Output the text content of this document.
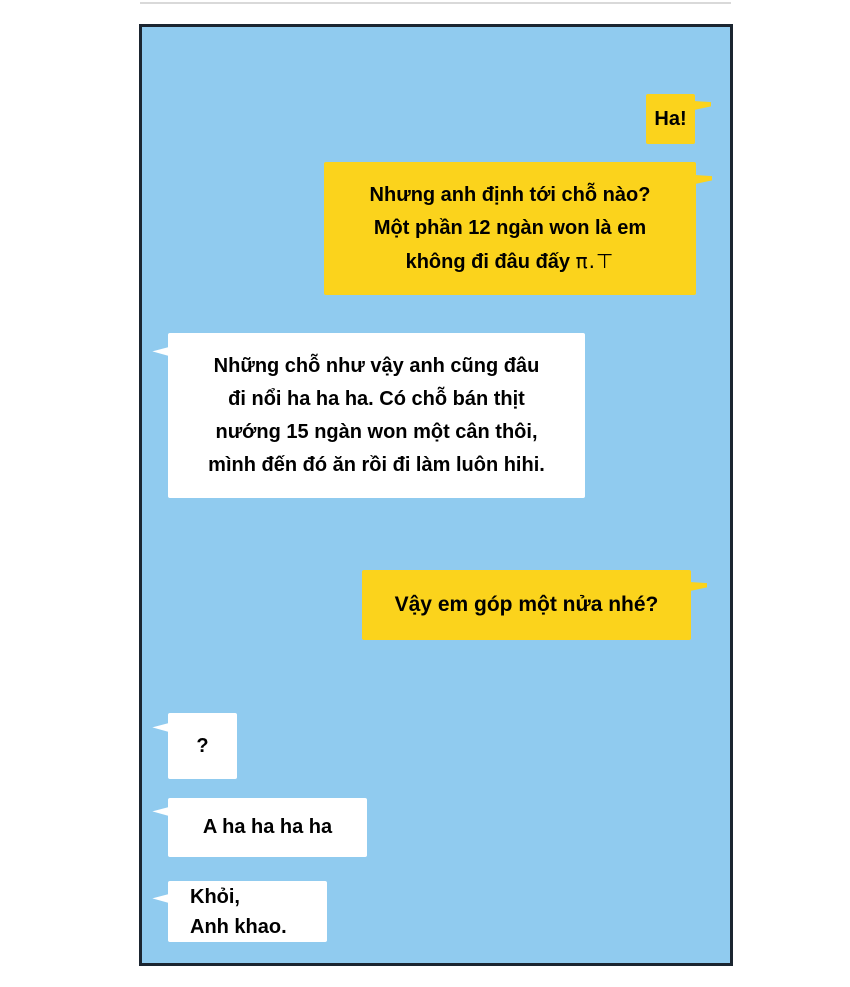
Ha!
Nhưng anh định tới chỗ nào?
Một phần 12 ngàn won là em
không đi đâu đấy π.⊤
Những chỗ như vậy anh cũng đâu
đi nổi ha ha ha. Có chỗ bán thịt
nướng 15 ngàn won một cân thôi,
mình đến đó ăn rồi đi làm luôn hihi.
Vậy em góp một nửa nhé?
?
A ha ha ha ha
Khỏi,
Anh khao.
